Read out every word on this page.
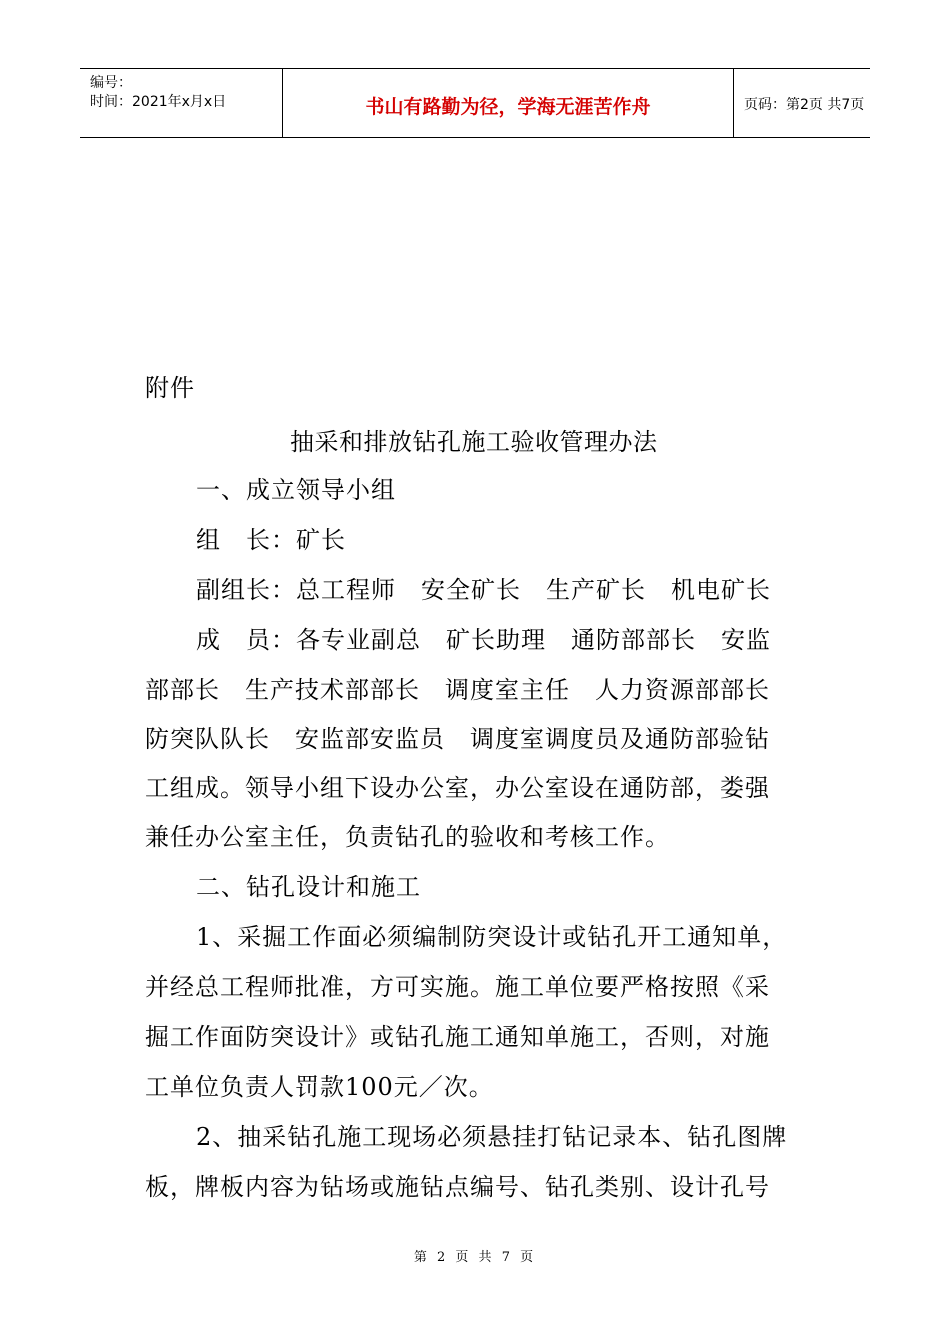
编号：
时间：2021年x月x日	书山有路勤为径，学海无涯苦作舟	页码：第2页 共7页
附件
抽采和排放钻孔施工验收管理办法
一、成立领导小组
组　长：矿长
副组长：总工程师　安全矿长　生产矿长　机电矿长
成　员：各专业副总　矿长助理　通防部部长　安监
部部长　生产技术部部长　调度室主任　人力资源部部长
防突队队长　安监部安监员　调度室调度员及通防部验钻
工组成。领导小组下设办公室，办公室设在通防部，娄强
兼任办公室主任，负责钻孔的验收和考核工作。
二、钻孔设计和施工
1、采掘工作面必须编制防突设计或钻孔开工通知单，
并经总工程师批准，方可实施。施工单位要严格按照《采
掘工作面防突设计》或钻孔施工通知单施工，否则，对施
工单位负责人罚款100元／次。
2、抽采钻孔施工现场必须悬挂打钻记录本、钻孔图牌
板，牌板内容为钻场或施钻点编号、钻孔类别、设计孔号
第 2 页 共 7 页
